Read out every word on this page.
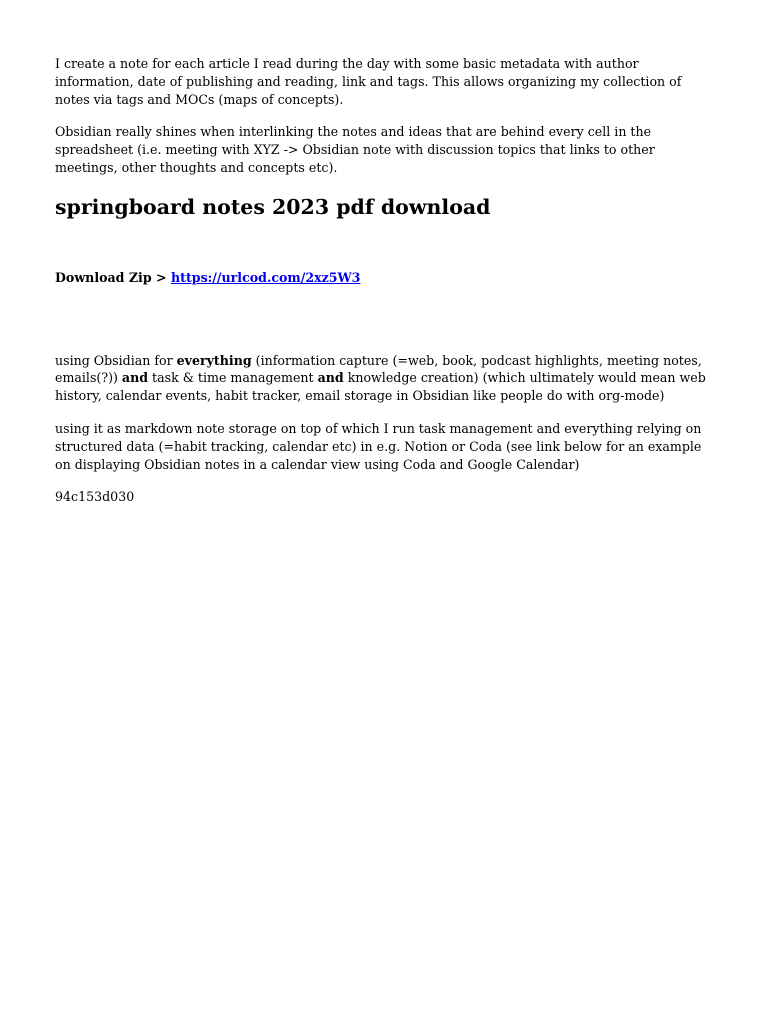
I create a note for each article I read during the day with some basic metadata with author information, date of publishing and reading, link and tags. This allows organizing my collection of notes via tags and MOCs (maps of concepts).

Obsidian really shines when interlinking the notes and ideas that are behind every cell in the spreadsheet (i.e. meeting with XYZ -> Obsidian note with discussion topics that links to other meetings, other thoughts and concepts etc).

springboard notes 2023 pdf download

Download Zip > https://urlcod.com/2xz5W3

using Obsidian for everything (information capture (=web, book, podcast highlights, meeting notes, emails(?)) and task & time management and knowledge creation) (which ultimately would mean web history, calendar events, habit tracker, email storage in Obsidian like people do with org-mode)

using it as markdown note storage on top of which I run task management and everything relying on structured data (=habit tracking, calendar etc) in e.g. Notion or Coda (see link below for an example on displaying Obsidian notes in a calendar view using Coda and Google Calendar)

94c153d030
